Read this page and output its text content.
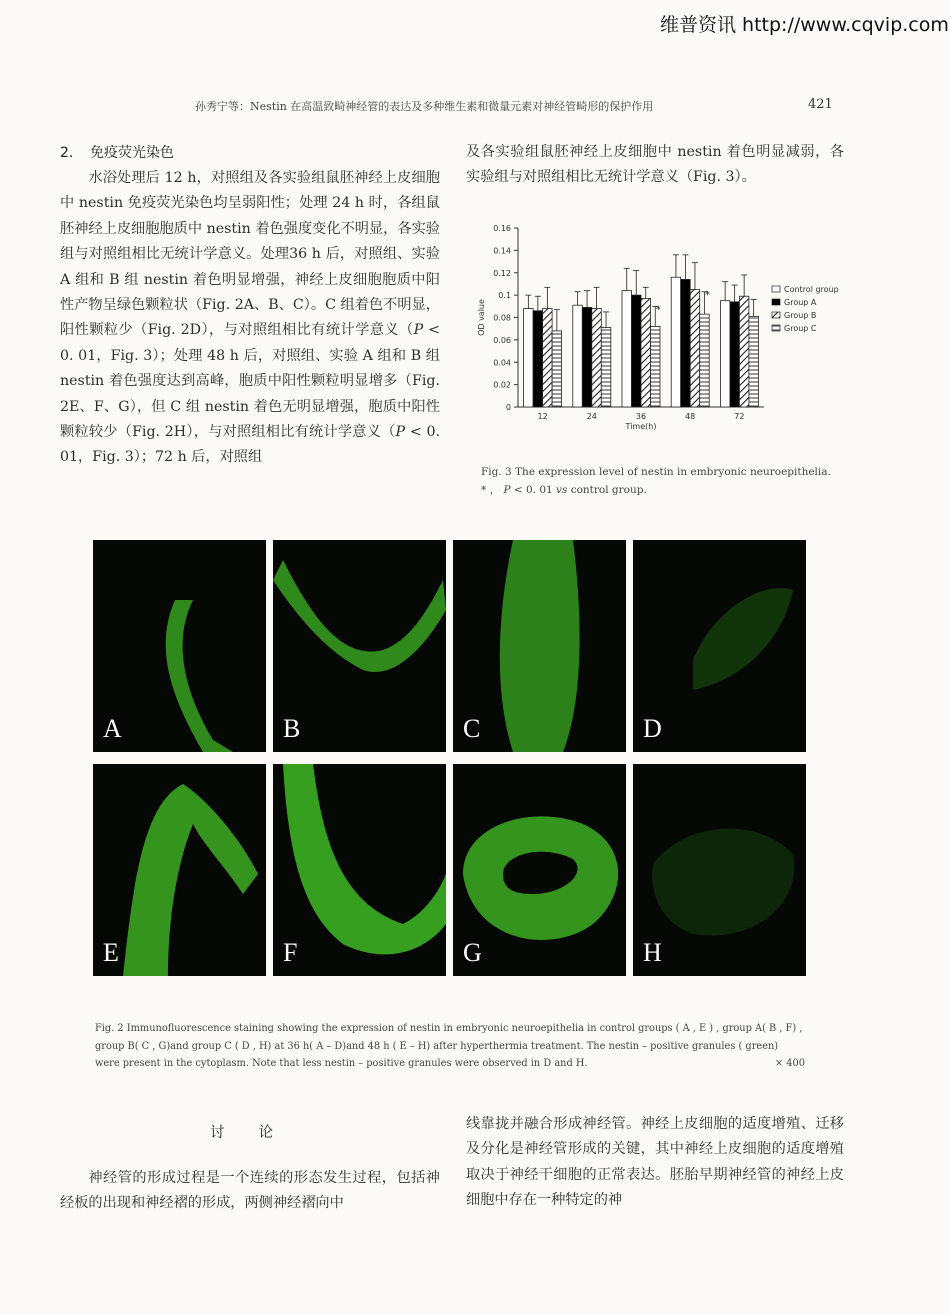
维普资讯 http://www.cqvip.com
孙秀宁等：Nestin 在高温致畸神经管的表达及多种维生素和微量元素对神经管畸形的保护作用	421
2. 免疫荧光染色

水浴处理后 12 h，对照组及各实验组鼠胚神经上皮细胞中 nestin 免疫荧光染色均呈弱阳性；处理 24 h 时，各组鼠胚神经上皮细胞胞质中 nestin 着色强度变化不明显，各实验组与对照组相比无统计学意义。处理36 h 后，对照组、实验 A 组和 B 组 nestin 着色明显增强，神经上皮细胞胞质中阳性产物呈绿色颗粒状（Fig. 2A、B、C）。C 组着色不明显，阳性颗粒少（Fig. 2D），与对照组相比有统计学意义（P < 0. 01，Fig. 3）；处理 48 h 后，对照组、实验 A 组和 B 组 nestin 着色强度达到高峰，胞质中阳性颗粒明显增多（Fig. 2E、F、G），但 C 组 nestin 着色无明显增强，胞质中阳性颗粒较少（Fig. 2H），与对照组相比有统计学意义（P < 0. 01，Fig. 3）；72 h 后，对照组

及各实验组鼠胚神经上皮细胞中 nestin 着色明显减弱，各实验组与对照组相比无统计学意义（Fig. 3）。

0
0.02
0.04
0.06
0.08
0.1
0.12
0.14
0.16
OD value
12	24	36	48	72
*
*
Time(h)
Control group
Group A
Group B
Group C
Fig. 3 The expression level of nestin in embryonic neuroepithelia.
* ， P < 0. 01 vs control group.
A	B	C	D
E	F	G	H
Fig. 2 Immunofluorescence staining showing the expression of nestin in embryonic neuroepithelia in control groups ( A , E ) , group A( B , F) , group B( C , G)and group C ( D , H) at 36 h( A – D)and 48 h ( E – H) after hyperthermia treatment. The nestin – positive granules ( green) were present in the cytoplasm. Note that less nestin – positive granules were observed in D and H.	× 400
讨论

神经管的形成过程是一个连续的形态发生过程，包括神经板的出现和神经褶的形成，两侧神经褶向中

线靠拢并融合形成神经管。神经上皮细胞的适度增殖、迁移及分化是神经管形成的关键，其中神经上皮细胞的适度增殖取决于神经干细胞的正常表达。胚胎早期神经管的神经上皮细胞中存在一种特定的神
